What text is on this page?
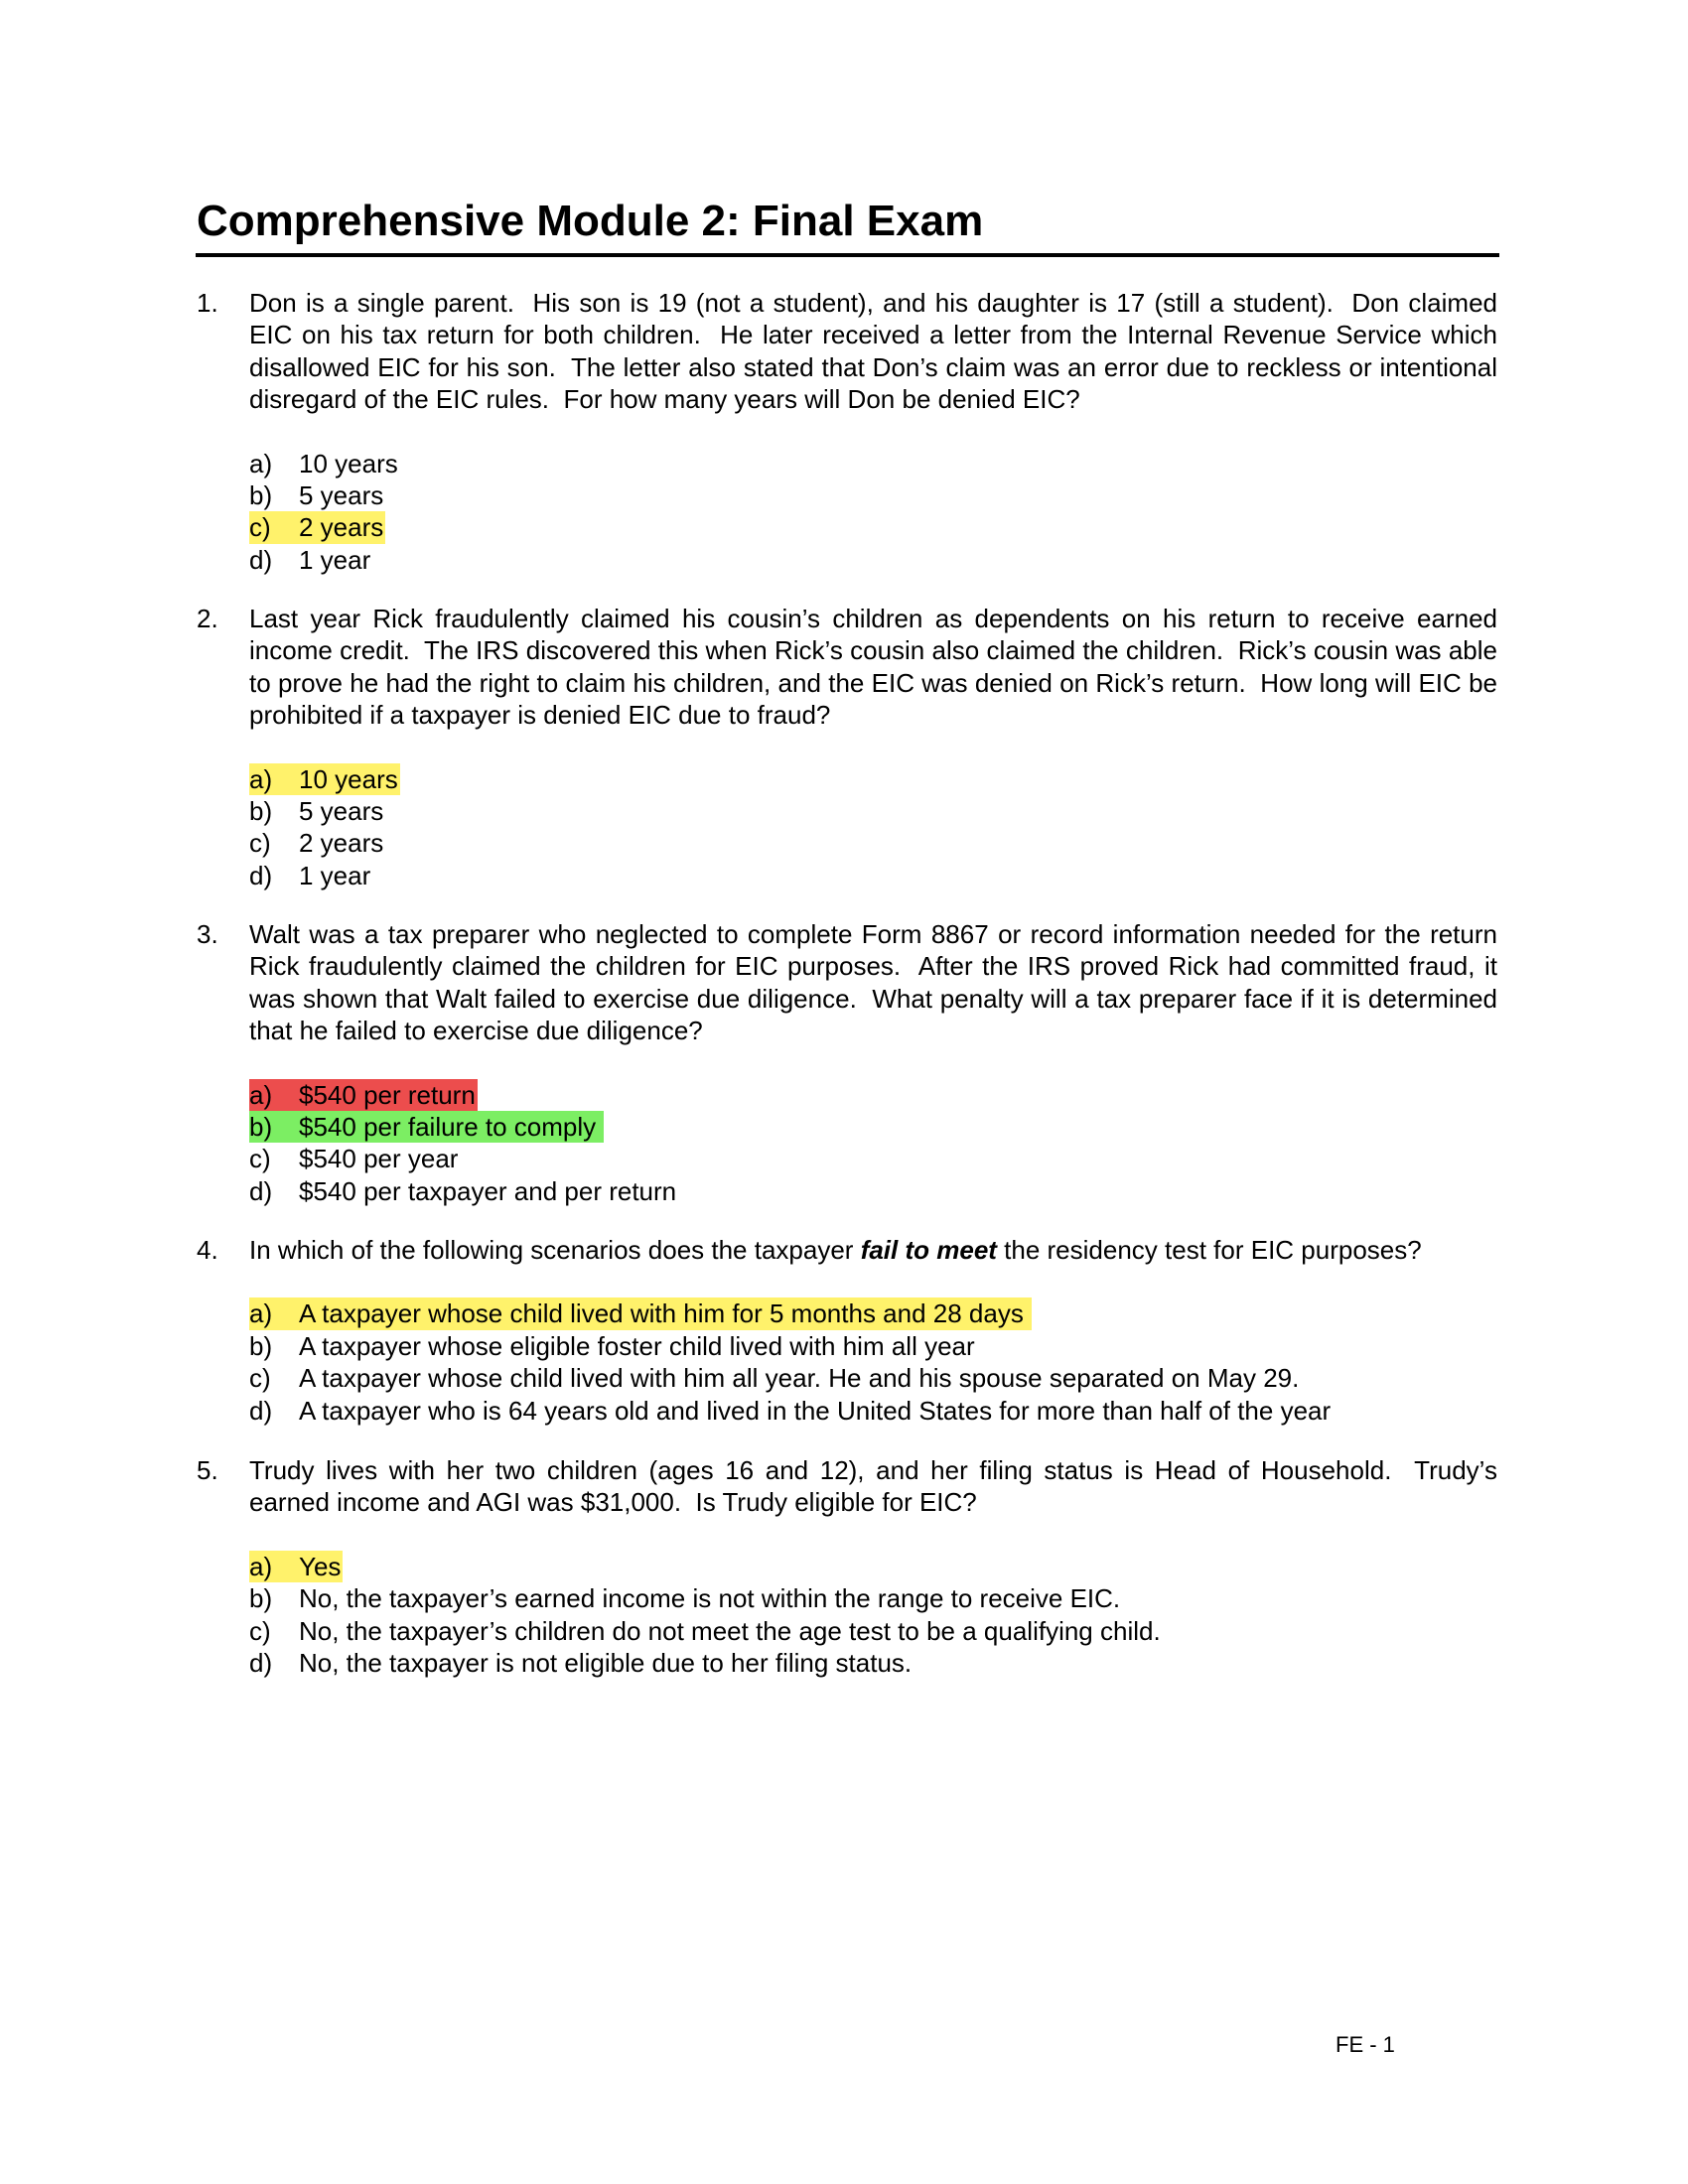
Comprehensive Module 2: Final Exam
1.	Don is a single parent.  His son is 19 (not a student), and his daughter is 17 (still a student).  Don claimed EIC on his tax return for both children.  He later received a letter from the Internal Revenue Service which disallowed EIC for his son.  The letter also stated that Don’s claim was an error due to reckless or intentional disregard of the EIC rules.  For how many years will Don be denied EIC?
a) 10 years
b) 5 years
c) 2 years
d) 1 year
2.	Last year Rick fraudulently claimed his cousin’s children as dependents on his return to receive earned income credit.  The IRS discovered this when Rick’s cousin also claimed the children.  Rick’s cousin was able to prove he had the right to claim his children, and the EIC was denied on Rick’s return.  How long will EIC be prohibited if a taxpayer is denied EIC due to fraud?
a) 10 years
b) 5 years
c) 2 years
d) 1 year
3.	Walt was a tax preparer who neglected to complete Form 8867 or record information needed for the return Rick fraudulently claimed the children for EIC purposes.  After the IRS proved Rick had committed fraud, it was shown that Walt failed to exercise due diligence.  What penalty will a tax preparer face if it is determined that he failed to exercise due diligence?
a) $540 per return
b) $540 per failure to comply
c) $540 per year
d) $540 per taxpayer and per return
4.	In which of the following scenarios does the taxpayer fail to meet the residency test for EIC purposes?
a) A taxpayer whose child lived with him for 5 months and 28 days
b) A taxpayer whose eligible foster child lived with him all year
c) A taxpayer whose child lived with him all year. He and his spouse separated on May 29.
d) A taxpayer who is 64 years old and lived in the United States for more than half of the year
5.	Trudy lives with her two children (ages 16 and 12), and her filing status is Head of Household.  Trudy’s earned income and AGI was $31,000.  Is Trudy eligible for EIC?
a) Yes
b) No, the taxpayer’s earned income is not within the range to receive EIC.
c) No, the taxpayer’s children do not meet the age test to be a qualifying child.
d) No, the taxpayer is not eligible due to her filing status.
FE - 1
